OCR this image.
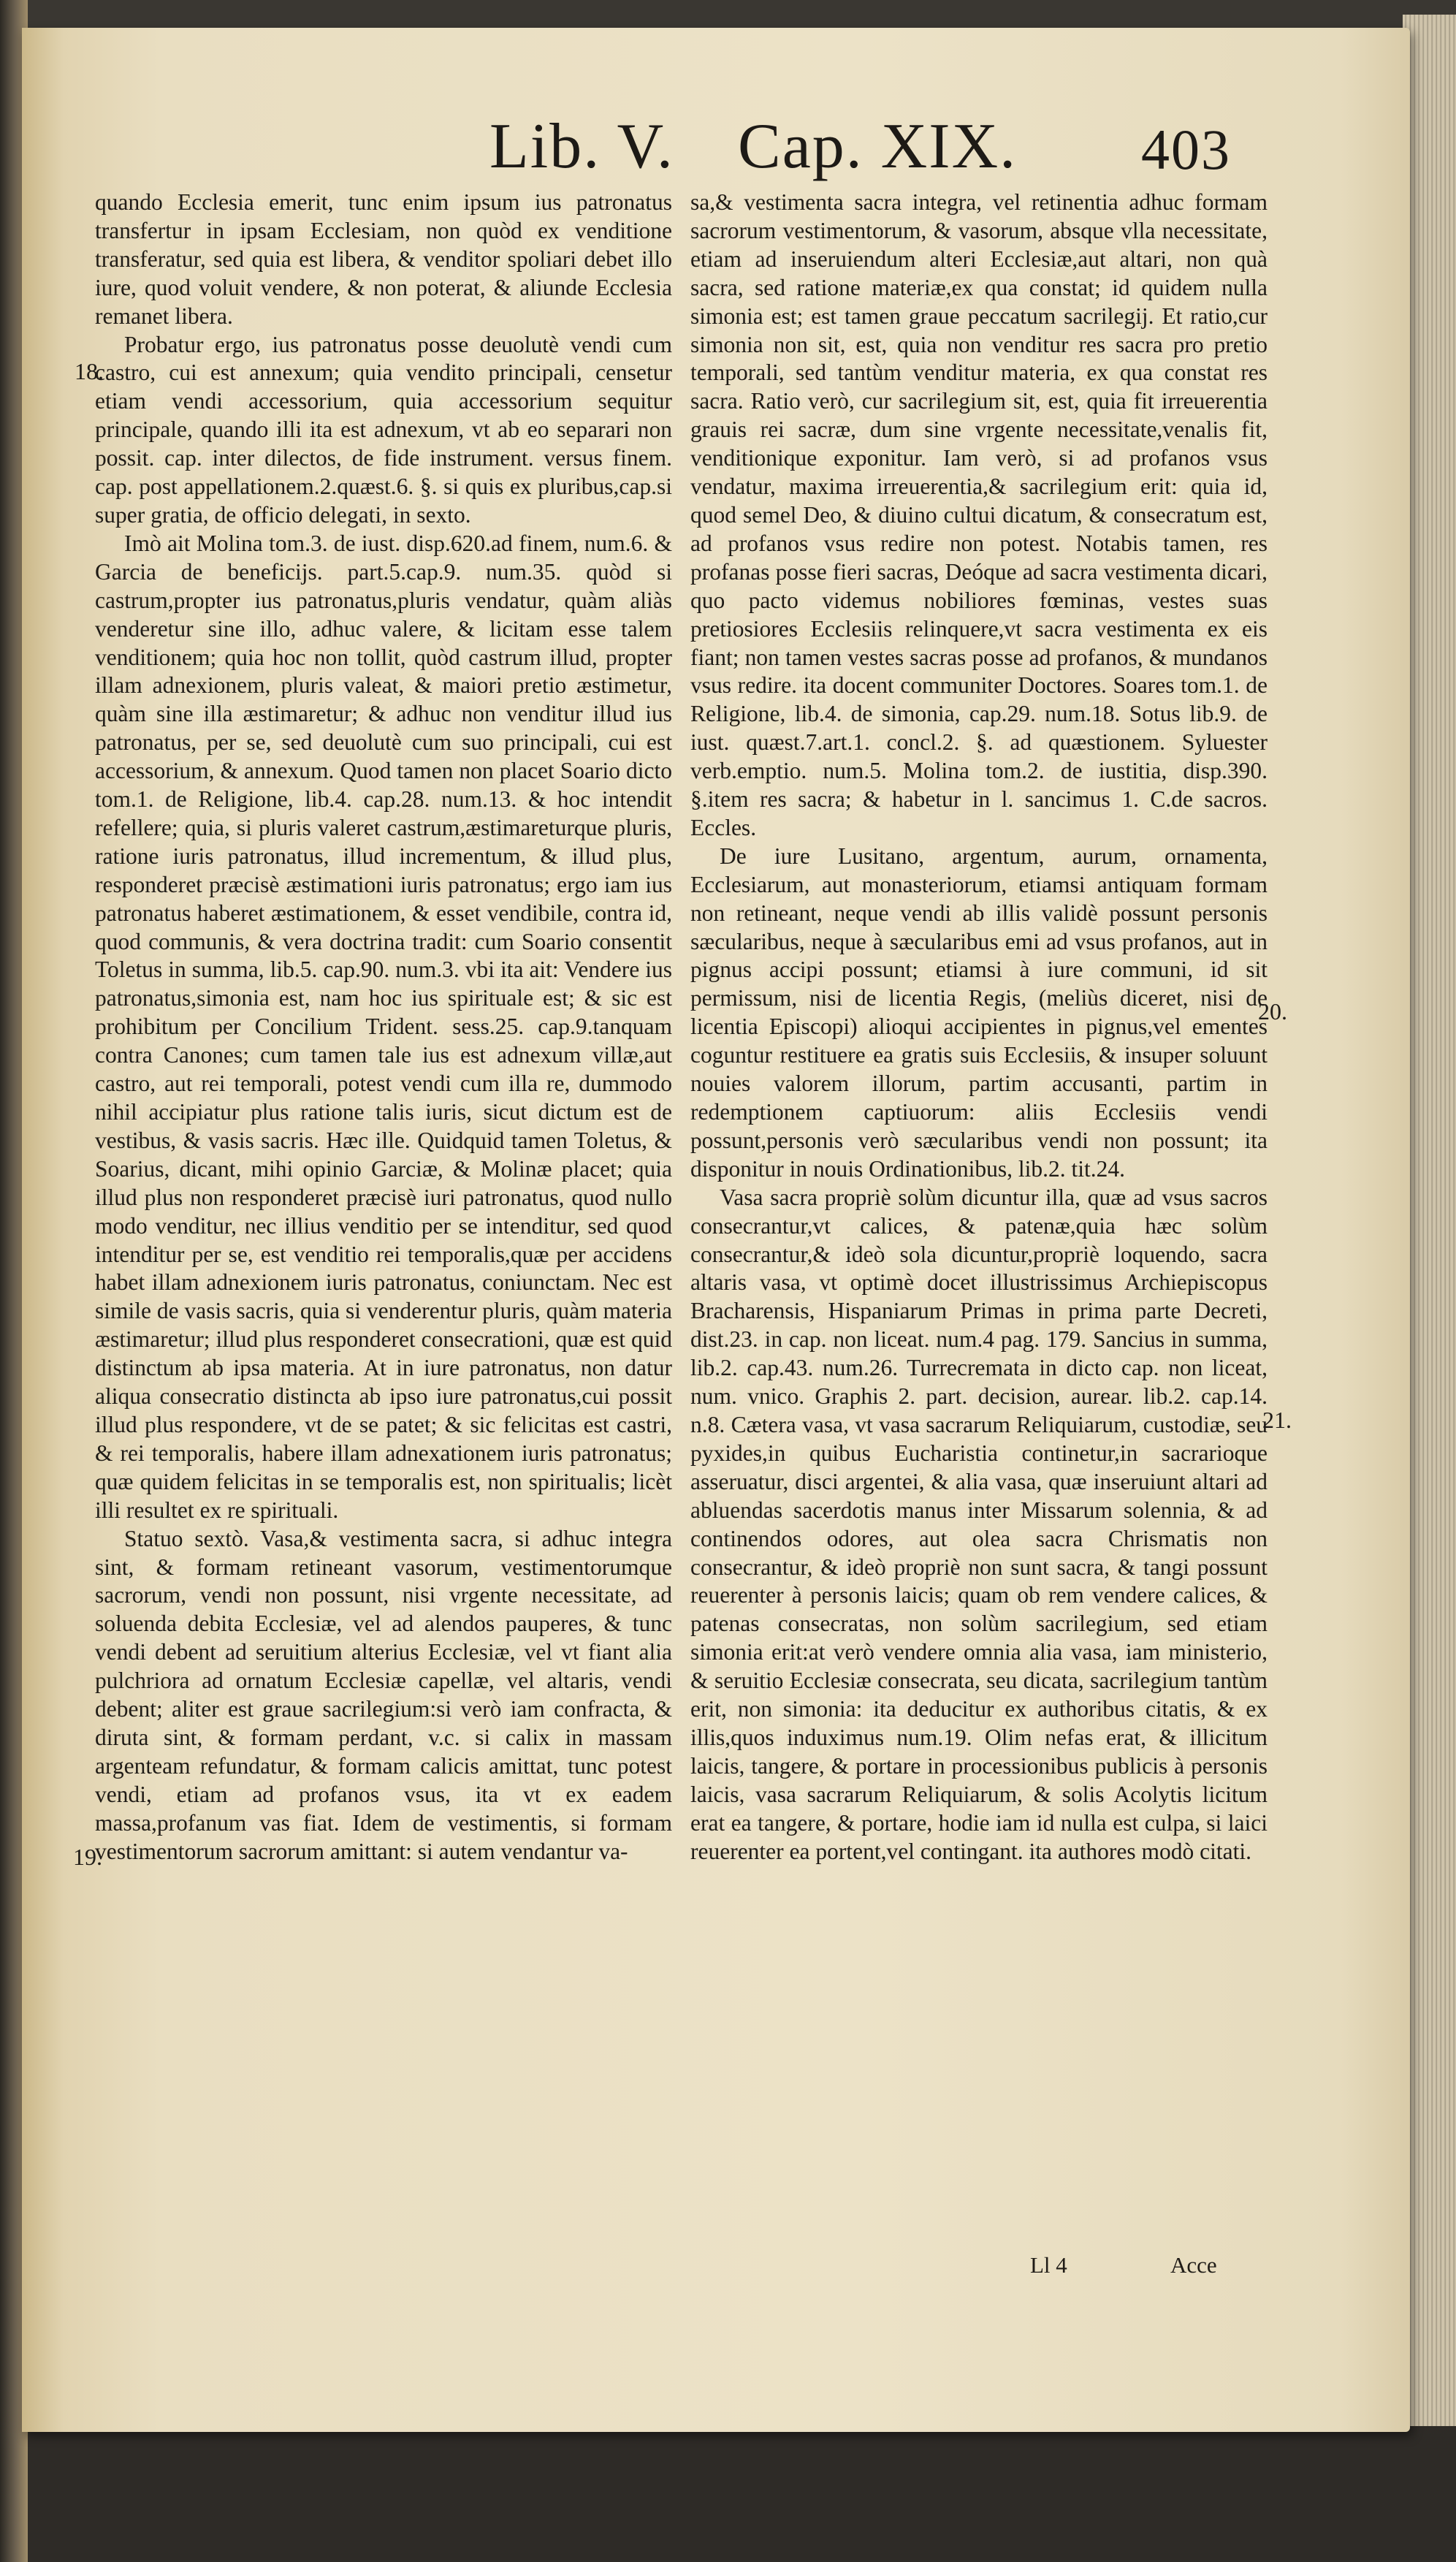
Lib. V. Cap. XIX. 403
18.
19.
20.
21.

quando Ecclesia emerit, tunc enim ipsum ius patronatus transfertur in ipsam Ecclesiam, non quòd ex venditione transferatur, sed quia est libera, & venditor spoliari debet illo iure, quod voluit vendere, & non poterat, & aliunde Ecclesia remanet libera.

Probatur ergo, ius patronatus posse deuolutè vendi cum castro, cui est annexum; quia vendito principali, censetur etiam vendi accessorium, quia accessorium sequitur principale, quando illi ita est adnexum, vt ab eo separari non possit. cap. inter dilectos, de fide instrument. versus finem. cap. post appellationem.2.quæst.6. §. si quis ex pluribus,cap.si super gratia, de officio delegati, in sexto.

Imò ait Molina tom.3. de iust. disp.620.ad finem, num.6. & Garcia de beneficijs. part.5.cap.9. num.35. quòd si castrum,propter ius patronatus,pluris vendatur, quàm aliàs venderetur sine illo, adhuc valere, & licitam esse talem venditionem; quia hoc non tollit, quòd castrum illud, propter illam adnexionem, pluris valeat, & maiori pretio æstimetur, quàm sine illa æstimaretur; & adhuc non venditur illud ius patronatus, per se, sed deuolutè cum suo principali, cui est accessorium, & annexum. Quod tamen non placet Soario dicto tom.1. de Religione, lib.4. cap.28. num.13. & hoc intendit refellere; quia, si pluris valeret castrum,æstimareturque pluris, ratione iuris patronatus, illud incrementum, & illud plus, responderet præcisè æstimationi iuris patronatus; ergo iam ius patronatus haberet æstimationem, & esset vendibile, contra id, quod communis, & vera doctrina tradit: cum Soario consentit Toletus in summa, lib.5. cap.90. num.3. vbi ita ait: Vendere ius patronatus,simonia est, nam hoc ius spirituale est; & sic est prohibitum per Concilium Trident. sess.25. cap.9.tanquam contra Canones; cum tamen tale ius est adnexum villæ,aut castro, aut rei temporali, potest vendi cum illa re, dummodo nihil accipiatur plus ratione talis iuris, sicut dictum est de vestibus, & vasis sacris. Hæc ille. Quidquid tamen Toletus, & Soarius, dicant, mihi opinio Garciæ, & Molinæ placet; quia illud plus non responderet præcisè iuri patronatus, quod nullo modo venditur, nec illius venditio per se intenditur, sed quod intenditur per se, est venditio rei temporalis,quæ per accidens habet illam adnexionem iuris patronatus, coniunctam. Nec est simile de vasis sacris, quia si venderentur pluris, quàm materia æstimaretur; illud plus responderet consecrationi, quæ est quid distinctum ab ipsa materia. At in iure patronatus, non datur aliqua consecratio distincta ab ipso iure patronatus,cui possit illud plus respondere, vt de se patet; & sic felicitas est castri, & rei temporalis, habere illam adnexationem iuris patronatus; quæ quidem felicitas in se temporalis est, non spiritualis; licèt illi resultet ex re spirituali.

Statuo sextò. Vasa,& vestimenta sacra, si adhuc integra sint, & formam retineant vasorum, vestimentorumque sacrorum, vendi non possunt, nisi vrgente necessitate, ad soluenda debita Ecclesiæ, vel ad alendos pauperes, & tunc vendi debent ad seruitium alterius Ecclesiæ, vel vt fiant alia pulchriora ad ornatum Ecclesiæ capellæ, vel altaris, vendi debent; aliter est graue sacrilegium:si verò iam confracta, & diruta sint, & formam perdant, v.c. si calix in massam argenteam refundatur, & formam calicis amittat, tunc potest vendi, etiam ad profanos vsus, ita vt ex eadem massa,profanum vas fiat. Idem de vestimentis, si formam vestimentorum sacrorum amittant: si autem vendantur va-

sa,& vestimenta sacra integra, vel retinentia adhuc formam sacrorum vestimentorum, & vasorum, absque vlla necessitate, etiam ad inseruiendum alteri Ecclesiæ,aut altari, non quà sacra, sed ratione materiæ,ex qua constat; id quidem nulla simonia est; est tamen graue peccatum sacrilegij. Et ratio,cur simonia non sit, est, quia non venditur res sacra pro pretio temporali, sed tantùm venditur materia, ex qua constat res sacra. Ratio verò, cur sacrilegium sit, est, quia fit irreuerentia grauis rei sacræ, dum sine vrgente necessitate,venalis fit, venditionique exponitur. Iam verò, si ad profanos vsus vendatur, maxima irreuerentia,& sacrilegium erit: quia id, quod semel Deo, & diuino cultui dicatum, & consecratum est, ad profanos vsus redire non potest. Notabis tamen, res profanas posse fieri sacras, Deóque ad sacra vestimenta dicari, quo pacto videmus nobiliores fœminas, vestes suas pretiosiores Ecclesiis relinquere,vt sacra vestimenta ex eis fiant; non tamen vestes sacras posse ad profanos, & mundanos vsus redire. ita docent communiter Doctores. Soares tom.1. de Religione, lib.4. de simonia, cap.29. num.18. Sotus lib.9. de iust. quæst.7.art.1. concl.2. §. ad quæstionem. Syluester verb.emptio. num.5. Molina tom.2. de iustitia, disp.390. §.item res sacra; & habetur in l. sancimus 1. C.de sacros. Eccles.

De iure Lusitano, argentum, aurum, ornamenta, Ecclesiarum, aut monasteriorum, etiamsi antiquam formam non retineant, neque vendi ab illis validè possunt personis sæcularibus, neque à sæcularibus emi ad vsus profanos, aut in pignus accipi possunt; etiamsi à iure communi, id sit permissum, nisi de licentia Regis, (meliùs diceret, nisi de licentia Episcopi) alioqui accipientes in pignus,vel ementes coguntur restituere ea gratis suis Ecclesiis, & insuper soluunt nouies valorem illorum, partim accusanti, partim in redemptionem captiuorum: aliis Ecclesiis vendi possunt,personis verò sæcularibus vendi non possunt; ita disponitur in nouis Ordinationibus, lib.2. tit.24.

Vasa sacra propriè solùm dicuntur illa, quæ ad vsus sacros consecrantur,vt calices, & patenæ,quia hæc solùm consecrantur,& ideò sola dicuntur,propriè loquendo, sacra altaris vasa, vt optimè docet illustrissimus Archiepiscopus Bracharensis, Hispaniarum Primas in prima parte Decreti, dist.23. in cap. non liceat. num.4 pag. 179. Sancius in summa, lib.2. cap.43. num.26. Turrecremata in dicto cap. non liceat, num. vnico. Graphis 2. part. decision, aurear. lib.2. cap.14. n.8. Cætera vasa, vt vasa sacrarum Reliquiarum, custodiæ, seu pyxides,in quibus Eucharistia continetur,in sacrarioque asseruatur, disci argentei, & alia vasa, quæ inseruiunt altari ad abluendas sacerdotis manus inter Missarum solennia, & ad continendos odores, aut olea sacra Chrismatis non consecrantur, & ideò propriè non sunt sacra, & tangi possunt reuerenter à personis laicis; quam ob rem vendere calices, & patenas consecratas, non solùm sacrilegium, sed etiam simonia erit:at verò vendere omnia alia vasa, iam ministerio, & seruitio Ecclesiæ consecrata, seu dicata, sacrilegium tantùm erit, non simonia: ita deducitur ex authoribus citatis, & ex illis,quos induximus num.19. Olim nefas erat, & illicitum laicis, tangere, & portare in processionibus publicis à personis laicis, vasa sacrarum Reliquiarum, & solis Acolytis licitum erat ea tangere, & portare, hodie iam id nulla est culpa, si laici reuerenter ea portent,vel contingant. ita authores modò citati.

Ll 4	Acce
